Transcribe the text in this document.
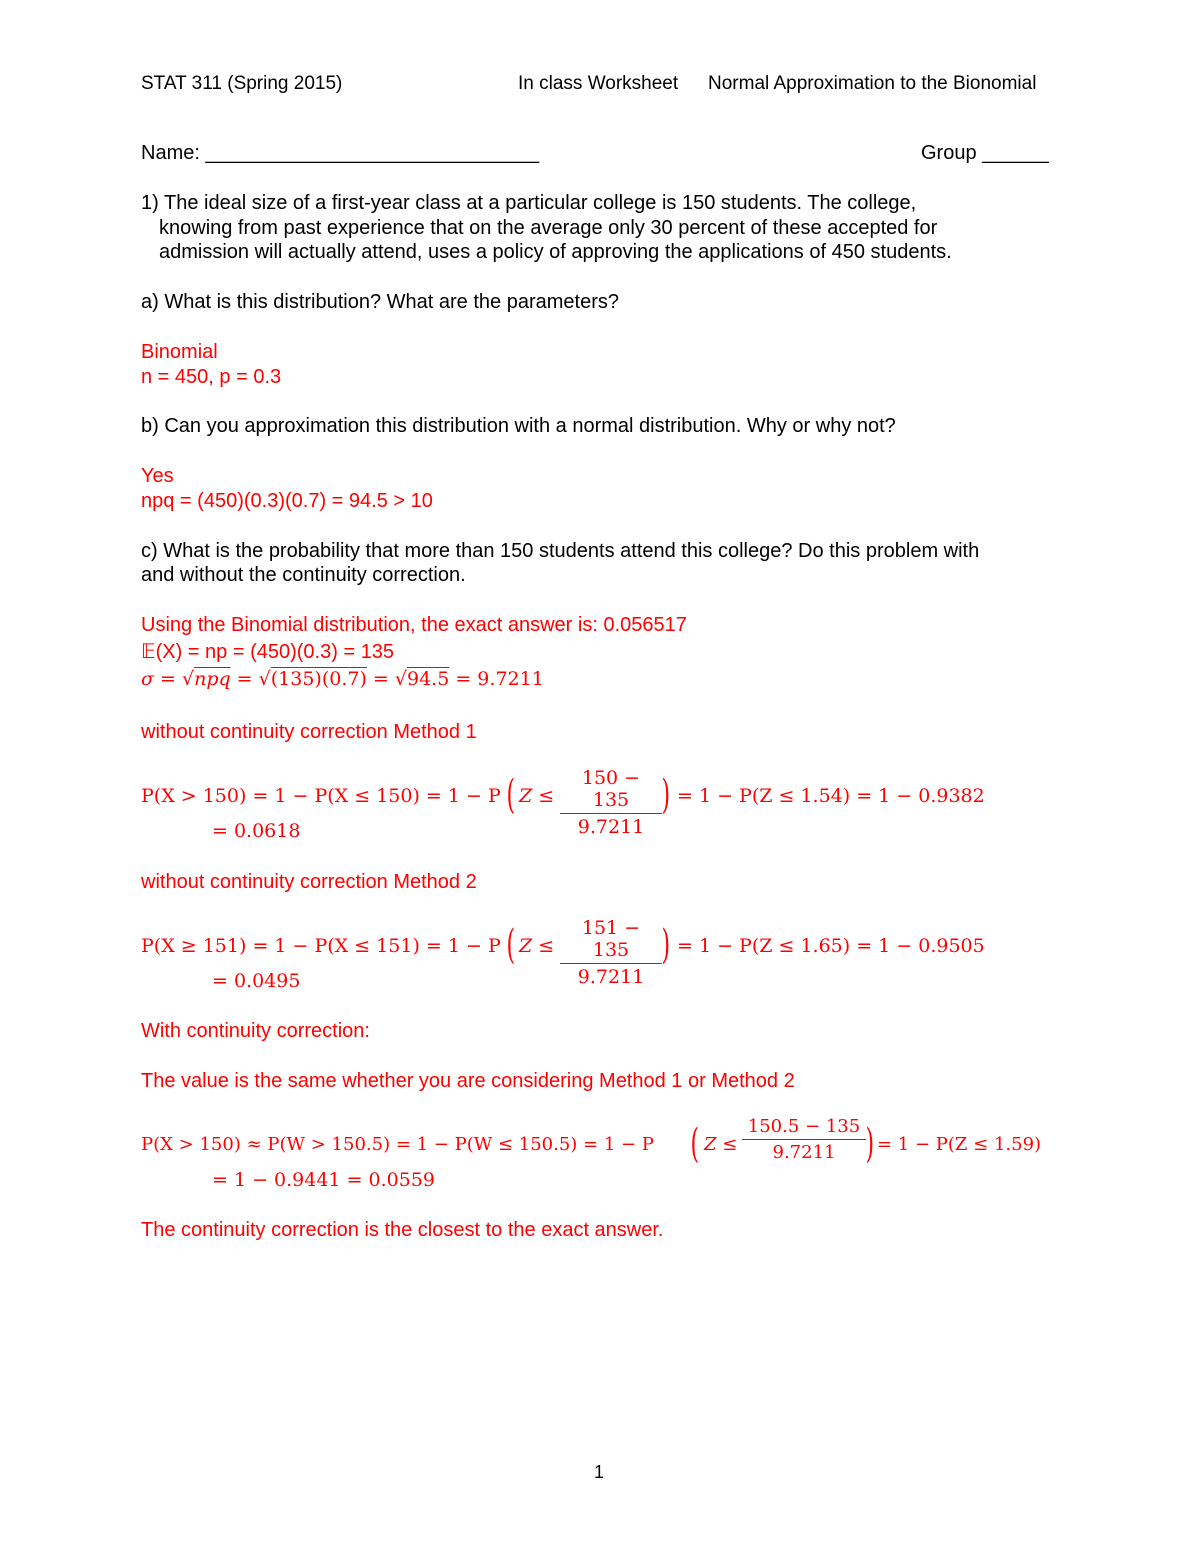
STAT 311 (Spring 2015)	In class Worksheet Normal Approximation to the Bionomial
Name: ______________________________	Group ______
1) The ideal size of a first-year class at a particular college is 150 students. The college,
knowing from past experience that on the average only 30 percent of these accepted for
admission will actually attend, uses a policy of approving the applications of 450 students.
a) What is this distribution? What are the parameters?
Binomial
n = 450, p = 0.3
b) Can you approximation this distribution with a normal distribution. Why or why not?
Yes
npq = (450)(0.3)(0.7) = 94.5 > 10
c) What is the probability that more than 150 students attend this college? Do this problem with
and without the continuity correction.
Using the Binomial distribution, the exact answer is: 0.056517
𝔼(X) = np = (450)(0.3) = 135
σ = √npq = √(135)(0.7) = √94.5 = 9.7211
without continuity correction Method 1
P(X > 150) = 1 − P(X ≤ 150) = 1 − P ( $Z \le \frac{150 - 135}{9.7211}$ ) = 1 − P(Z ≤ 1.54) = 1 − 0.9382
= 0.0618
without continuity correction Method 2
P(X ≥ 151) = 1 − P(X ≤ 151) = 1 − P ( $Z \le \frac{151 - 135}{9.7211}$ ) = 1 − P(Z ≤ 1.65) = 1 − 0.9505
= 0.0495
With continuity correction:
The value is the same whether you are considering Method 1 or Method 2
P(X > 150) ≈ P(W > 150.5) = 1 − P(W ≤ 150.5) = 1 − P ( $Z \le \frac{150.5 - 135}{9.7211}$ ) = 1 − P(Z ≤ 1.59)
= 1 − 0.9441 = 0.0559
The continuity correction is the closest to the exact answer.
1
